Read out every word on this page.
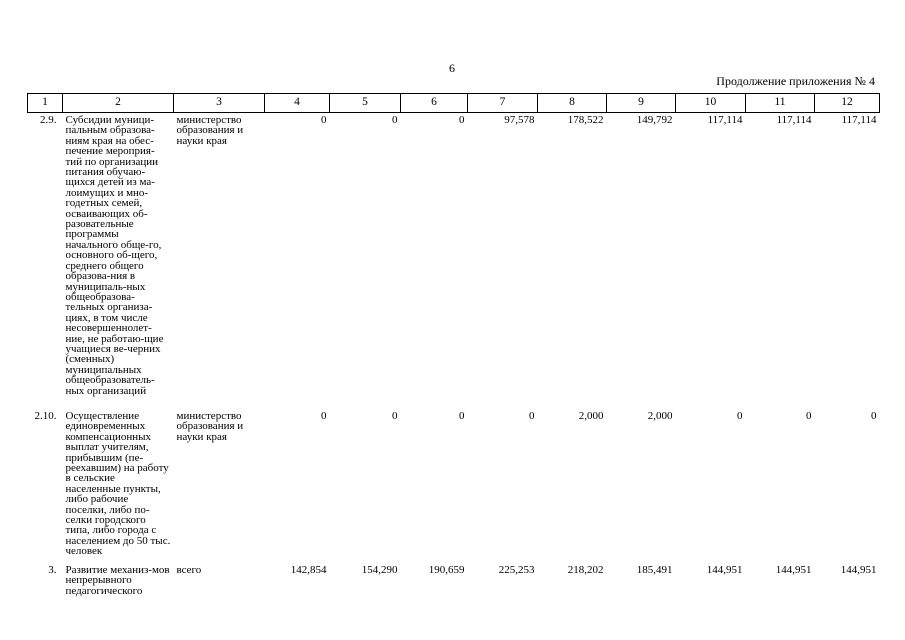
6
Продолжение приложения № 4
1	2	3	4	5	6	7	8	9	10	11	12
2.9.	Субсидии муници-пальным образова-ниям края на обес-печение мероприя-тий по организации питания обучаю-щихся детей из ма-лоимущих и мно-годетных семей, осваивающих об-разовательные программы начального обще-го, основного об-щего, среднего общего образова-ния в муниципаль-ных общеобразова-тельных организа-циях, в том числе несовершеннолет-ние, не работаю-щие учащиеся ве-черних (сменных) муниципальных общеобразователь-ных организаций	министерство образования и науки края	0	0	0	97,578	178,522	149,792	117,114	117,114	117,114
2.10.	Осуществление единовременных компенсационных выплат учителям, прибывшим (пе-реехавшим) на работу в сельские населенные пункты, либо рабочие поселки, либо по-селки городского типа, либо города с населением до 50 тыс. человек	министерство образования и науки края	0	0	0	0	2,000	2,000	0	0	0
3.	Развитие механиз-мов непрерывного педагогического	всего	142,854	154,290	190,659	225,253	218,202	185,491	144,951	144,951	144,951
